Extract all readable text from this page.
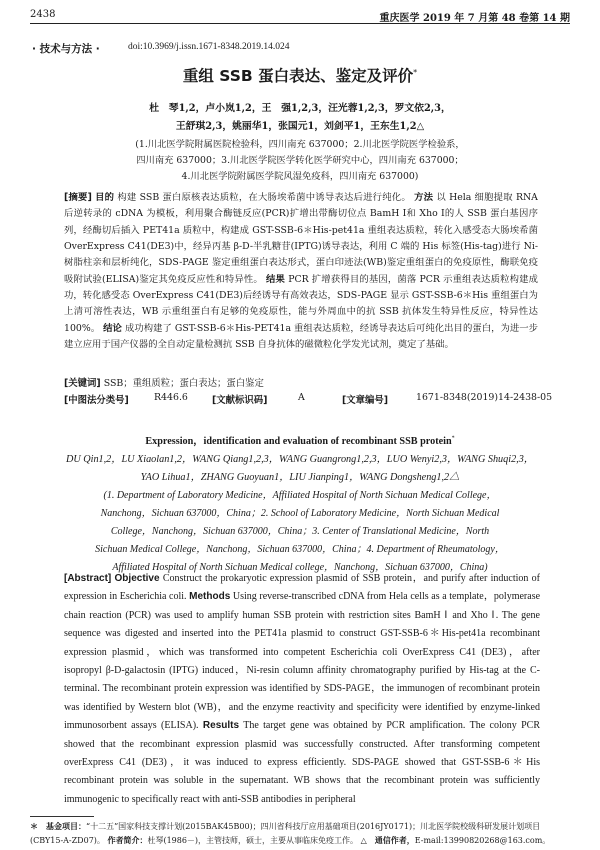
2438	重庆医学 2019 年 7 月第 48 卷第 14 期
· 技术与方法 ·	doi:10.3969/j.issn.1671-8348.2019.14.024
重组 SSB 蛋白表达、鉴定及评价*
杜　琴1,2，卢小岚1,2，王　强1,2,3，汪光蓉1,2,3，罗文依2,3，
王舒琪2,3，姚丽华1，张国元1，刘剑平1，王东生1,2△
(1.川北医学院附属医院检验科，四川南充 637000；2.川北医学院医学检验系，
四川南充 637000；3.川北医学院医学转化医学研究中心，四川南充 637000；
4.川北医学院附属医学院风湿免疫科，四川南充 637000)
[摘要] 目的 构建 SSB 蛋白原核表达质粒，在大肠埃希菌中诱导表达后进行纯化。 方法 以 Hela 细胞提取 RNA 后逆转录的 cDNA 为模板，利用聚合酶链反应(PCR)扩增出带酶切位点 BamH Ⅰ和 Xho Ⅰ的人 SSB 蛋白基因序列，经酶切后插入 PET41a 质粒中，构建成 GST-SSB-6＊His-pet41a 重组表达质粒，转化入感受态大肠埃希菌 OverExpress C41(DE3)中，经异丙基 β-D-半乳糖苷(IPTG)诱导表达，利用 C 端的 His 标签(His-tag)进行 Ni-树脂柱亲和层析纯化，SDS-PAGE 鉴定重组蛋白表达形式，蛋白印迹法(WB)鉴定重组蛋白的免疫原性，酶联免疫吸附试验(ELISA)鉴定其免疫反应性和特异性。 结果 PCR 扩增获得目的基因，菌落 PCR 示重组表达质粒构建成功，转化感受态 OverExpress C41(DE3)后经诱导有高效表达，SDS-PAGE 显示 GST-SSB-6＊His 重组蛋白为上清可溶性表达，WB 示重组蛋白有足够的免疫原性，能与外周血中的抗 SSB 抗体发生特异性反应，特异性达 100%。 结论 成功构建了 GST-SSB-6＊His-PET41a 重组表达质粒，经诱导表达后可纯化出目的蛋白，为进一步建立应用于国产仪器的全自动定量检测抗 SSB 自身抗体的磁微粒化学发光试剂，奠定了基础。
[关键词] SSB；重组质粒；蛋白表达；蛋白鉴定
[中图法分类号]	R446.6	[文献标识码]	A	[文章编号]	1671-8348(2019)14-2438-05
Expression，identification and evaluation of recombinant SSB protein*
DU Qin1,2，LU Xiaolan1,2，WANG Qiang1,2,3，WANG Guangrong1,2,3，LUO Wenyi2,3，WANG Shuqi2,3，
YAO Lihua1，ZHANG Guoyuan1，LIU Jianping1，WANG Dongsheng1,2△
(1. Department of Laboratory Medicine，Affiliated Hospital of North Sichuan Medical College，
Nanchong，Sichuan 637000，China；2. School of Laboratory Medicine，North Sichuan Medical
College，Nanchong，Sichuan 637000，China；3. Center of Translational Medicine，North
Sichuan Medical College，Nanchong，Sichuan 637000，China；4. Department of Rheumatology，
Affiliated Hospital of North Sichuan Medical college，Nanchong，Sichuan 637000，China)
[Abstract] Objective Construct the prokaryotic expression plasmid of SSB protein，and purify after induction of expression in Escherichia coli. Methods Using reverse-transcribed cDNA from Hela cells as a template，polymerase chain reaction (PCR) was used to amplify human SSB protein with restriction sites BamH Ⅰ and Xho Ⅰ. The gene sequence was digested and inserted into the PET41a plasmid to construct GST-SSB-6＊His-pet41a recombinant expression plasmid，which was transformed into competent Escherichia coli OverExpress C41 (DE3)，after isopropyl β-D-galactosin (IPTG) induced，Ni-resin column affinity chromatography purified by His-tag at the C-terminal. The recombinant protein expression was identified by SDS-PAGE，the immunogen of recombinant protein was identified by Western blot (WB)，and the enzyme reactivity and specificity were identified by enzyme-linked immunosorbent assays (ELISA). Results The target gene was obtained by PCR amplification. The colony PCR showed that the recombinant expression plasmid was successfully constructed. After transforming competent overExpress C41 (DE3)，it was induced to express efficiently. SDS-PAGE showed that GST-SSB-6＊His recombinant protein was soluble in the supernatant. WB shows that the recombinant protein was sufficiently immunogenic to specifically react with anti-SSB antibodies in peripheral
＊　基金项目：“十二五”国家科技支撑计划(2015BAK45B00)；四川省科技厅应用基础项目(2016JY0171)；川北医学院校级科研发展计划项目(CBY15-A-ZD07)。 作者简介：杜琴(1986－)，主管技师，硕士，主要从事临床免疫工作。 △　通信作者，E-mail:13990820268@163.com。
